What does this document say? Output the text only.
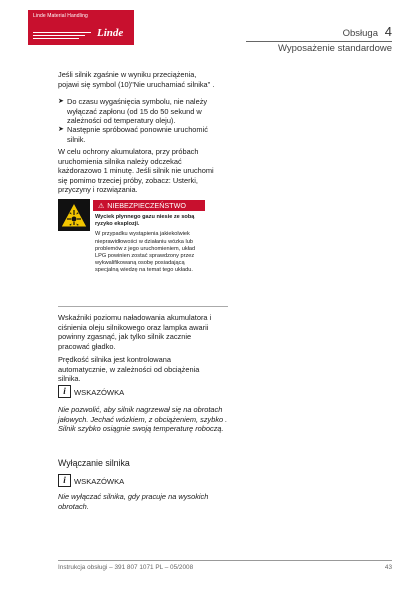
Linde Material Handling
Linde	Obsługa 4
Wyposażenie standardowe

Jeśli silnik zgaśnie w wyniku przeciążenia, pojawi się symbol (10)"Nie uruchamiać silnika" .

➤ Do czasu wygaśnięcia symbolu, nie należy wyłączać zapłonu (od 15 do 50 sekund w zależności od temperatury oleju).
➤ Następnie spróbować ponownie uruchomić silnik.

W celu ochrony akumulatora, przy próbach uruchomienia silnika należy odczekać każdorazowo 1 minutę. Jeśli silnik nie uruchomi się pomimo trzeciej próby, zobacz: Usterki, przyczyny i rozwiązania.

⚠ NIEBEZPIECZEŃSTWO
Wyciek płynnego gazu niesie ze sobą ryzyko eksplozji.
W przypadku wystąpienia jakiekolwiek nieprawidłowości w działaniu wózka lub problemów z jego uruchomieniem, układ LPG powinien zostać sprawdzony przez wykwalifikowaną osobę posiadającą specjalną wiedzę na temat tego układu.

Wskaźniki poziomu naładowania akumulatora i ciśnienia oleju silnikowego oraz lampka awarii powinny zgasnąć, jak tylko silnik zacznie pracować gładko.

Prędkość silnika jest kontrolowana automatycznie, w zależności od obciążenia silnika.

i	WSKAZÓWKA
Nie pozwolić, aby silnik nagrzewał się na obrotach jałowych. Jechać wózkiem, z obciążeniem, szybko . Silnik szybko osiągnie swoją temperaturę roboczą.
Wyłączanie silnika
i	WSKAZÓWKA
Nie wyłączać silnika, gdy pracuje na wysokich obrotach.
Instrukcja obsługi – 391 807 1071 PL – 05/2008	43
